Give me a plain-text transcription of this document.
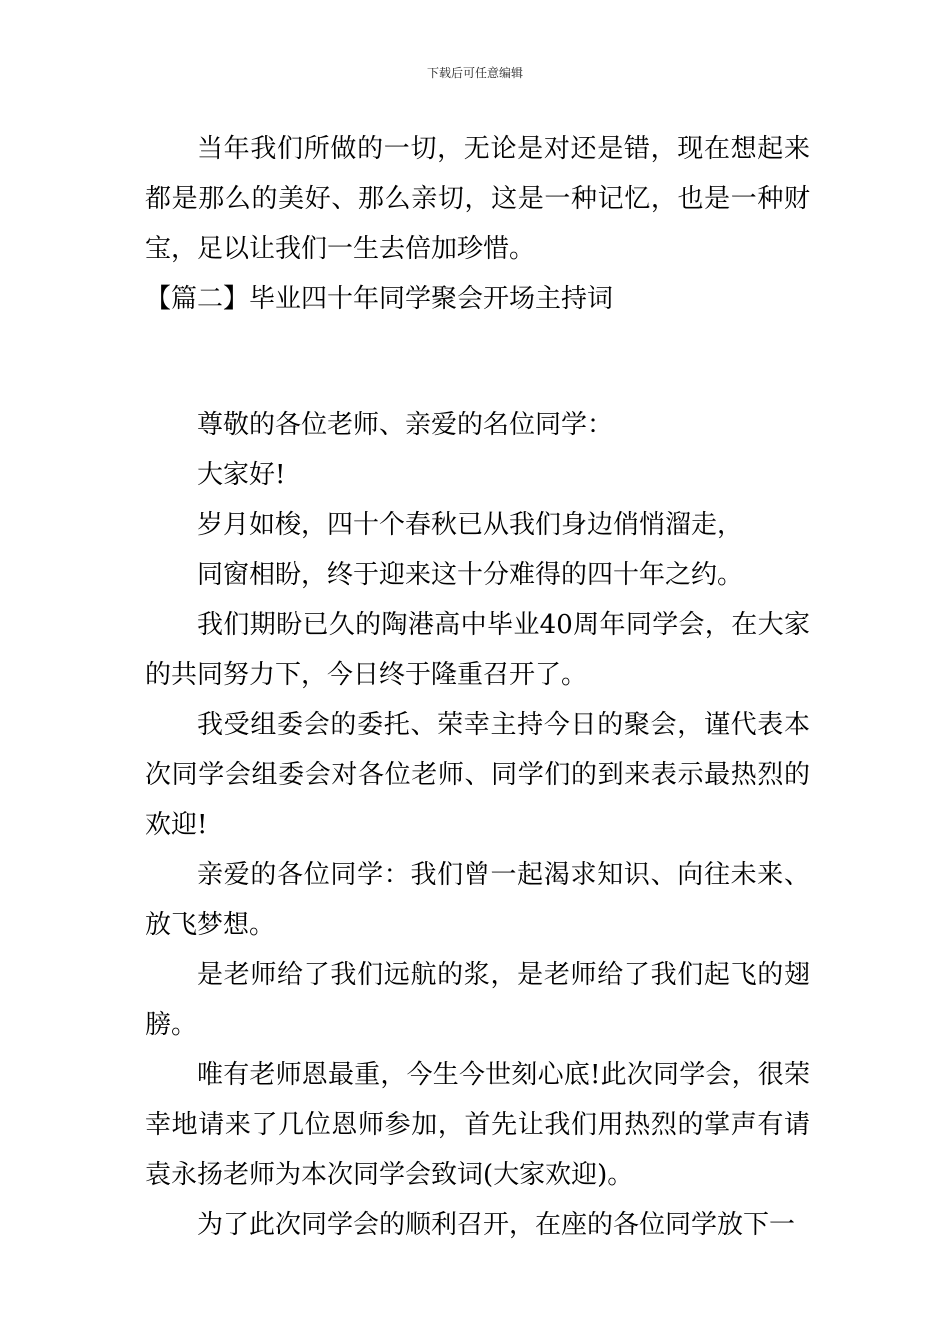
下载后可任意编辑

当年我们所做的一切，无论是对还是错，现在想起来都是那么的美好、那么亲切，这是一种记忆，也是一种财宝，足以让我们一生去倍加珍惜。

【篇二】毕业四十年同学聚会开场主持词

尊敬的各位老师、亲爱的名位同学：

大家好!

岁月如梭，四十个春秋已从我们身边俏悄溜走，

同窗相盼，终于迎来这十分难得的四十年之约。

我们期盼已久的陶港高中毕业40周年同学会，在大家的共同努力下，今日终于隆重召开了。

我受组委会的委托、荣幸主持今日的聚会，谨代表本次同学会组委会对各位老师、同学们的到来表示最热烈的欢迎!

亲爱的各位同学：我们曾一起渴求知识、向往未来、放飞梦想。

是老师给了我们远航的浆，是老师给了我们起飞的翅膀。

唯有老师恩最重，今生今世刻心底!此次同学会，很荣幸地请来了几位恩师参加，首先让我们用热烈的掌声有请袁永扬老师为本次同学会致词(大家欢迎)。

为了此次同学会的顺利召开，在座的各位同学放下一
